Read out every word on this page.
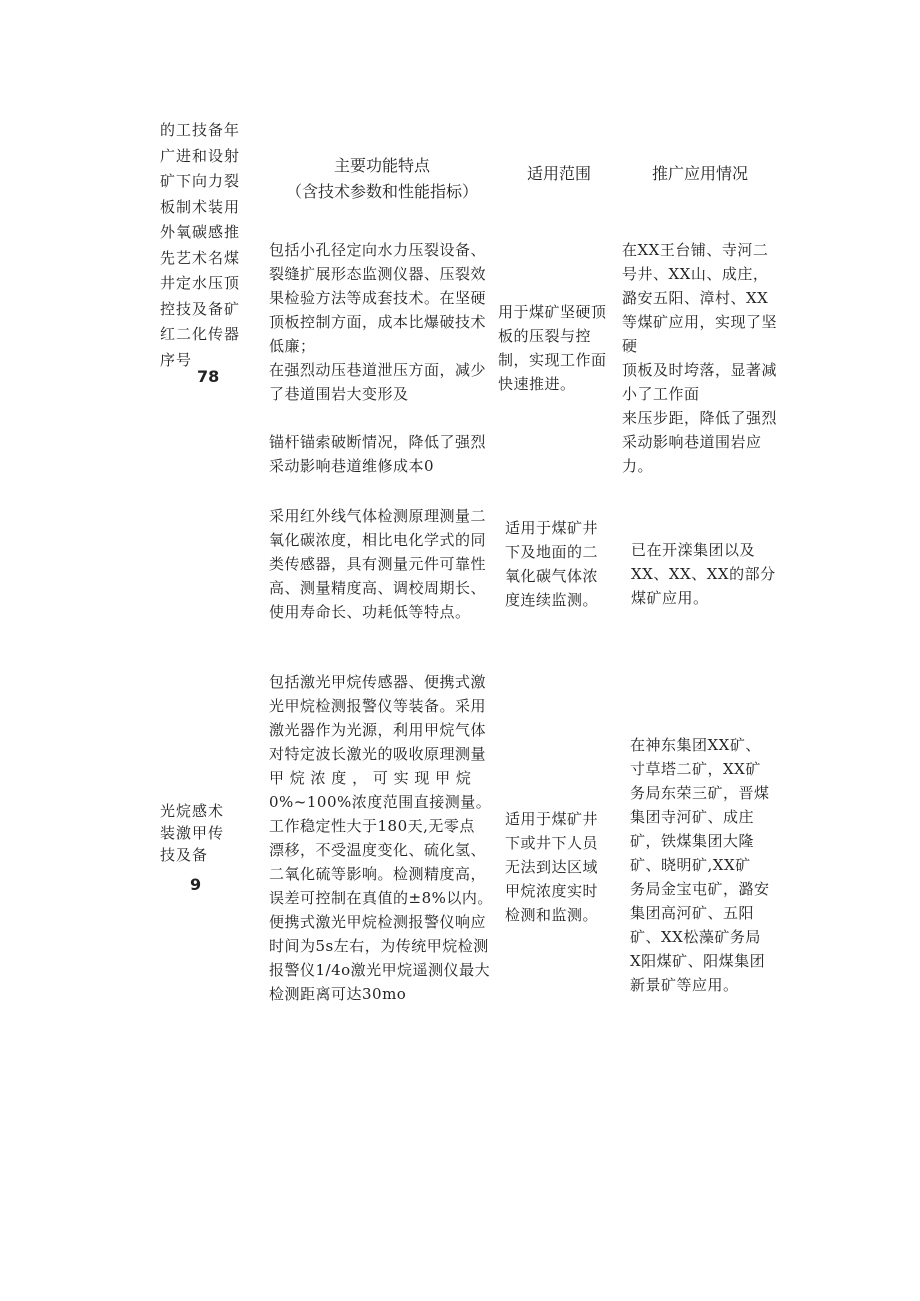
的工技备年
广进和设射
矿下向力裂
板制术装用
外氧碳感推
先艺术名煤
井定水压顶
控技及备矿
红二化传器
序号
78
光烷感术
装激甲传
技及备
9
主要功能特点
（含技术参数和性能指标）
适用范围	推广应用情况
包括小孔径定向水力压裂设备、
裂缝扩展形态监测仪器、压裂效
果检验方法等成套技术。在坚硬
顶板控制方面，成本比爆破技术
低廉；
在强烈动压巷道泄压方面，减少
了巷道围岩大变形及
锚杆锚索破断情况，降低了强烈
采动影响巷道维修成本0
用于煤矿坚硬顶
板的压裂与控
制，实现工作面
快速推进。
在XX王台铺、寺河二
号井、XX山、成庄，
潞安五阳、漳村、XX
等煤矿应用，实现了坚
硬
顶板及时垮落，显著减
小了工作面
来压步距，降低了强烈
采动影响巷道围岩应
力。
采用红外线气体检测原理测量二
氧化碳浓度，相比电化学式的同
类传感器，具有测量元件可靠性
高、测量精度高、调校周期长、
使用寿命长、功耗低等特点。
适用于煤矿井
下及地面的二
氧化碳气体浓
度连续监测。
已在开滦集团以及
XX、XX、XX的部分
煤矿应用。
包括激光甲烷传感器、便携式激
光甲烷检测报警仪等装备。采用
激光器作为光源，利用甲烷气体
对特定波长激光的吸收原理测量
甲 烷 浓 度 ， 可 实 现 甲 烷
0%~100%浓度范围直接测量。
工作稳定性大于180天,无零点
漂移，不受温度变化、硫化氢、
二氧化硫等影响。检测精度高，
误差可控制在真值的±8%以内。
便携式激光甲烷检测报警仪响应
时间为5s左右，为传统甲烷检测
报警仪1/4o激光甲烷遥测仪最大
检测距离可达30mo
适用于煤矿井
下或井下人员
无法到达区域
甲烷浓度实时
检测和监测。
在神东集团XX矿、
寸草塔二矿，XX矿
务局东荣三矿，晋煤
集团寺河矿、成庄
矿，铁煤集团大隆
矿、晓明矿,XX矿
务局金宝屯矿，潞安
集团高河矿、五阳
矿、XX松藻矿务局
X阳煤矿、阳煤集团
新景矿等应用。
